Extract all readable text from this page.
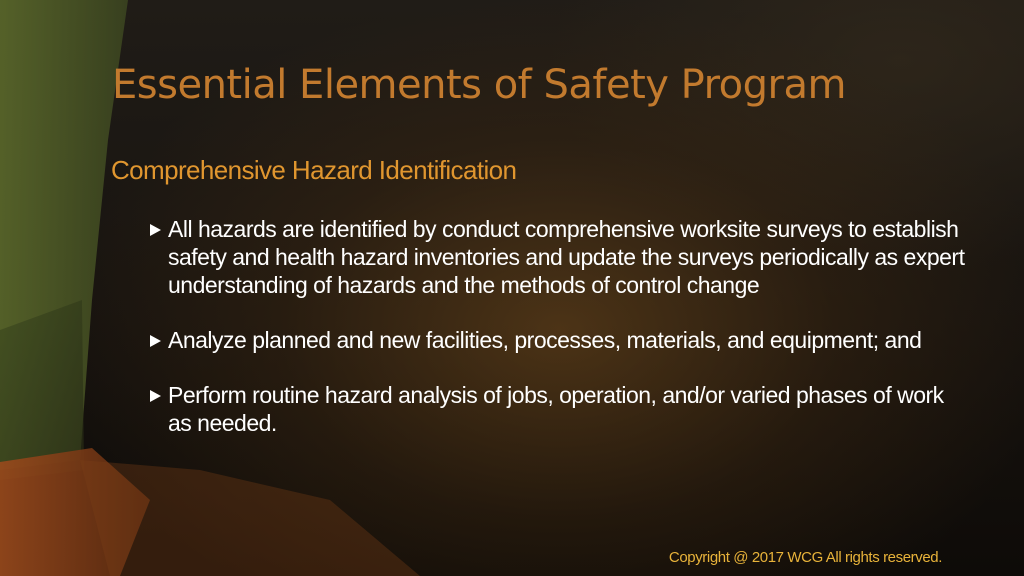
Essential Elements of Safety Program
Comprehensive Hazard Identification
All hazards are identified by conduct comprehensive worksite surveys to establish safety and health hazard inventories and update the surveys periodically as expert understanding of hazards and the methods of control change
Analyze planned and new facilities, processes, materials, and equipment; and
Perform routine hazard analysis of jobs, operation, and/or varied phases of work as needed.
Copyright @ 2017 WCG All rights reserved.
